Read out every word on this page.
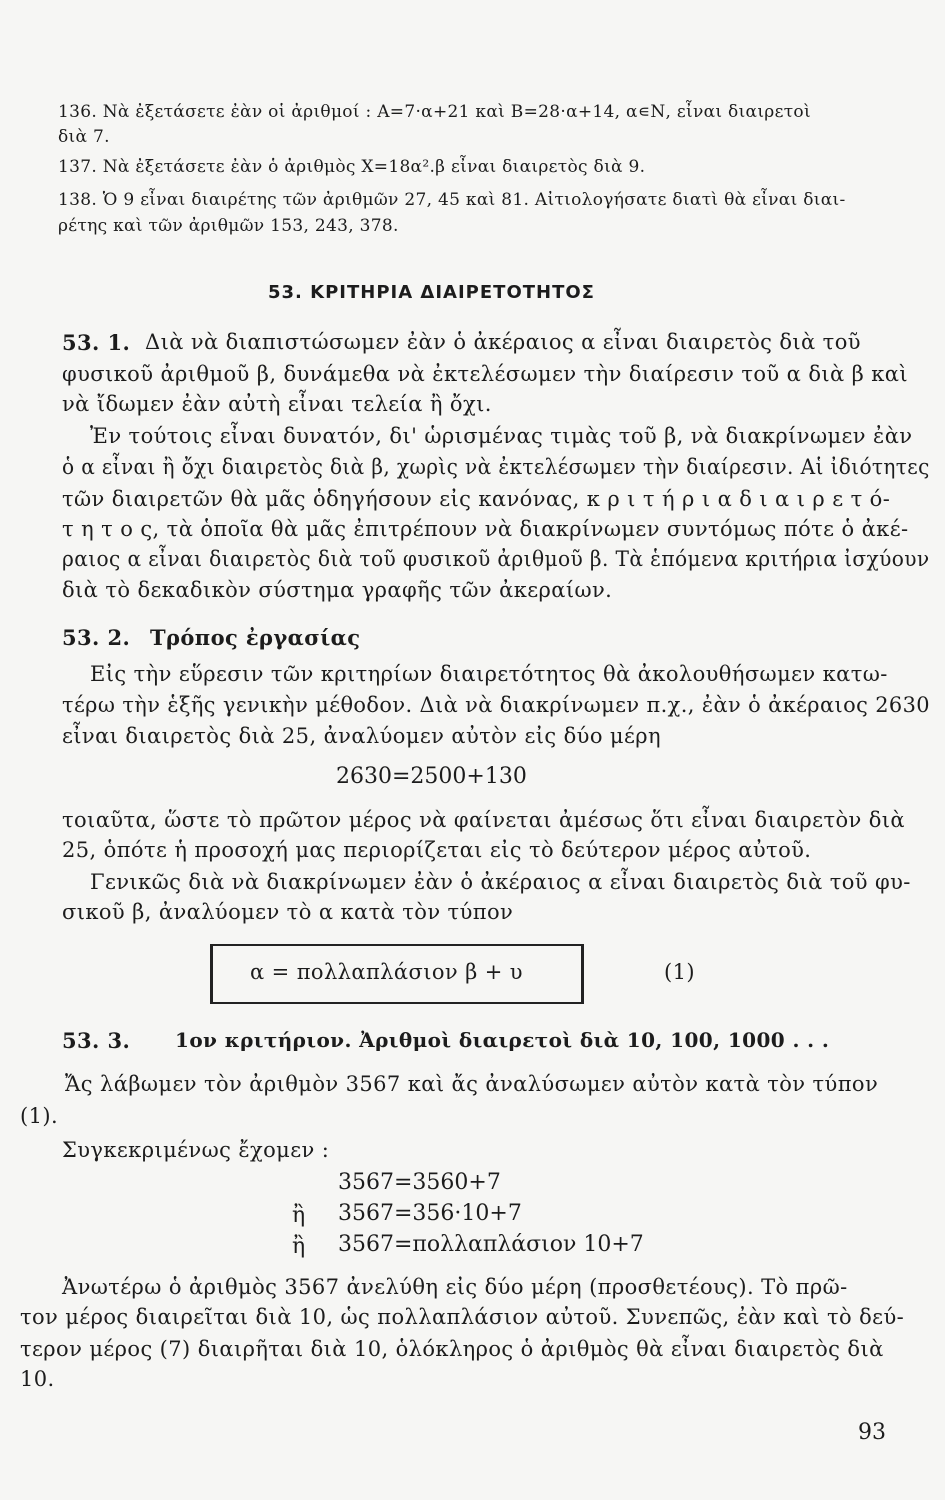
136. Νὰ ἐξετάσετε ἐὰν οἱ ἀριθμοί : Α=7·α+21 καὶ Β=28·α+14, α∊Ν, εἶναι διαιρετοὶ
διὰ 7.
137. Νὰ ἐξετάσετε ἐὰν ὁ ἀριθμὸς Χ=18α².β εἶναι διαιρετὸς διὰ 9.
138. Ὁ 9 εἶναι διαιρέτης τῶν ἀριθμῶν 27, 45 καὶ 81. Αἰτιολογήσατε διατὶ θὰ εἶναι διαι-
ρέτης καὶ τῶν ἀριθμῶν 153, 243, 378.
53. ΚΡΙΤΗΡΙΑ ΔΙΑΙΡΕΤΟΤΗΤΟΣ
53. 1. Διὰ νὰ διαπιστώσωμεν ἐὰν ὁ ἀκέραιος α εἶναι διαιρετὸς διὰ τοῦ
φυσικοῦ ἀριθμοῦ β, δυνάμεθα νὰ ἐκτελέσωμεν τὴν διαίρεσιν τοῦ α διὰ β καὶ
νὰ ἴδωμεν ἐὰν αὐτὴ εἶναι τελεία ἢ ὄχι.
Ἐν τούτοις εἶναι δυνατόν, δι' ὡρισμένας τιμὰς τοῦ β, νὰ διακρίνωμεν ἐὰν
ὁ α εἶναι ἢ ὄχι διαιρετὸς διὰ β, χωρὶς νὰ ἐκτελέσωμεν τὴν διαίρεσιν. Αἱ ἰδιότητες
τῶν διαιρετῶν θὰ μᾶς ὁδηγήσουν εἰς κανόνας, κ ρ ι τ ή ρ ι α δ ι α ι ρ ε τ ό-
τ η τ ο ς, τὰ ὁποῖα θὰ μᾶς ἐπιτρέπουν νὰ διακρίνωμεν συντόμως πότε ὁ ἀκέ-
ραιος α εἶναι διαιρετὸς διὰ τοῦ φυσικοῦ ἀριθμοῦ β. Τὰ ἑπόμενα κριτήρια ἰσχύουν
διὰ τὸ δεκαδικὸν σύστημα γραφῆς τῶν ἀκεραίων.
53. 2. Τρόπος ἐργασίας
Εἰς τὴν εὕρεσιν τῶν κριτηρίων διαιρετότητος θὰ ἀκολουθήσωμεν κατω-
τέρω τὴν ἑξῆς γενικὴν μέθοδον. Διὰ νὰ διακρίνωμεν π.χ., ἐὰν ὁ ἀκέραιος 2630
εἶναι διαιρετὸς διὰ 25, ἀναλύομεν αὐτὸν εἰς δύο μέρη
2630=2500+130
τοιαῦτα, ὥστε τὸ πρῶτον μέρος νὰ φαίνεται ἀμέσως ὅτι εἶναι διαιρετὸν διὰ
25, ὁπότε ἡ προσοχή μας περιορίζεται εἰς τὸ δεύτερον μέρος αὐτοῦ.
Γενικῶς διὰ νὰ διακρίνωμεν ἐὰν ὁ ἀκέραιος α εἶναι διαιρετὸς διὰ τοῦ φυ-
σικοῦ β, ἀναλύομεν τὸ α κατὰ τὸν τύπον
α = πολλαπλάσιον β + υ	(1)
53. 3. 1ον κριτήριον. Ἀριθμοὶ διαιρετοὶ διὰ 10, 100, 1000 . . .
Ἄς λάβωμεν τὸν ἀριθμὸν 3567 καὶ ἄς ἀναλύσωμεν αὐτὸν κατὰ τὸν τύπον
(1).
Συγκεκριμένως ἔχομεν :
3567=3560+7
ἢ 3567=356·10+7
ἢ 3567=πολλαπλάσιον 10+7
Ἀνωτέρω ὁ ἀριθμὸς 3567 ἀνελύθη εἰς δύο μέρη (προσθετέους). Τὸ πρῶ-
τον μέρος διαιρεῖται διὰ 10, ὡς πολλαπλάσιον αὐτοῦ. Συνεπῶς, ἐὰν καὶ τὸ δεύ-
τερον μέρος (7) διαιρῆται διὰ 10, ὁλόκληρος ὁ ἀριθμὸς θὰ εἶναι διαιρετὸς διὰ
10.
93
